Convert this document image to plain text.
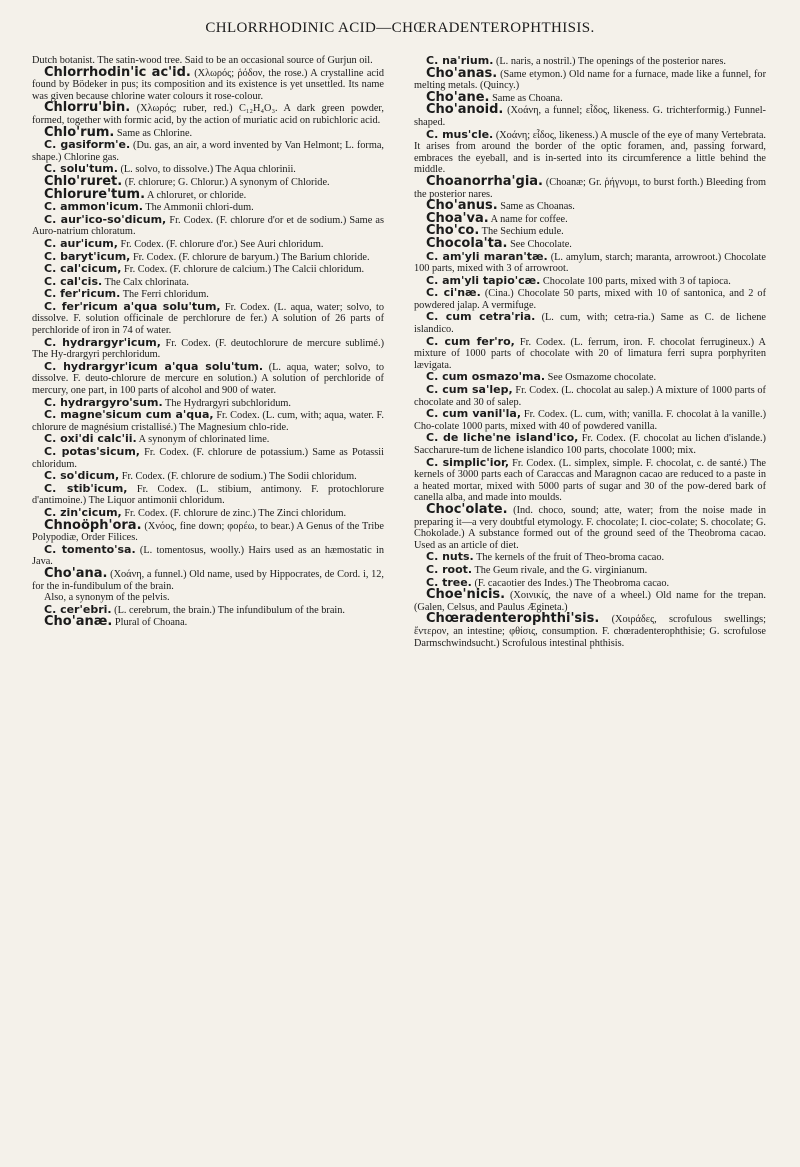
CHLORRHODINIC ACID—CHŒRADENTEROPHTHISIS.

Dutch botanist. The satin-wood tree. Said to be an occasional source of Gurjun oil.

Chlorrhodin'ic ac'id. (Χλωρός; ῥόδον, the rose.) A crystalline acid found by Bödeker in pus; its composition and its existence is yet unsettled. Its name was given because chlorine water colours it rose-colour.

Chlorru'bin. (Χλωρός; ruber, red.) C₁₂H₄O₃. A dark green powder, formed, together with formic acid, by the action of muriatic acid on rubichloric acid.

Chlo'rum. Same as Chlorine.

C. gasiform'e. (Du. gas, an air, a word invented by Van Helmont; L. forma, shape.) Chlorine gas.

C. solu'tum. (L. solvo, to dissolve.) The Aqua chlorinii.

Chlo'ruret. (F. chlorure; G. Chlorur.) A synonym of Chloride.

Chlorure'tum. A chloruret, or chloride.

C. ammon'icum. The Ammonii chlori-dum.

C. aur'ico-so'dicum, Fr. Codex. (F. chlorure d'or et de sodium.) Same as Auro-natrium chloratum.

C. aur'icum, Fr. Codex. (F. chlorure d'or.) See Auri chloridum.

C. baryt'icum, Fr. Codex. (F. chlorure de baryum.) The Barium chloride.

C. cal'cicum, Fr. Codex. (F. chlorure de calcium.) The Calcii chloridum.

C. cal'cis. The Calx chlorinata.

C. fer'ricum. The Ferri chloridum.

C. fer'ricum a'qua solu'tum, Fr. Codex. (L. aqua, water; solvo, to dissolve. F. solution officinale de perchlorure de fer.) A solution of 26 parts of perchloride of iron in 74 of water.

C. hydrargyr'icum, Fr. Codex. (F. deutochlorure de mercure sublimé.) The Hy-drargyri perchloridum.

C. hydrargyr'icum a'qua solu'tum. (L. aqua, water; solvo, to dissolve. F. deuto-chlorure de mercure en solution.) A solution of perchloride of mercury, one part, in 100 parts of alcohol and 900 of water.

C. hydrargyro'sum. The Hydrargyri subchloridum.

C. magne'sicum cum a'qua, Fr. Codex. (L. cum, with; aqua, water. F. chlorure de magnésium cristallisé.) The Magnesium chlo-ride.

C. oxi'di calc'ii. A synonym of chlorinated lime.

C. potas'sicum, Fr. Codex. (F. chlorure de potassium.) Same as Potassii chloridum.

C. so'dicum, Fr. Codex. (F. chlorure de sodium.) The Sodii chloridum.

C. stib'icum, Fr. Codex. (L. stibium, antimony. F. protochlorure d'antimoine.) The Liquor antimonii chloridum.

C. zin'cicum, Fr. Codex. (F. chlorure de zinc.) The Zinci chloridum.

Chnoöph'ora. (Χνόος, fine down; φορέω, to bear.) A Genus of the Tribe Polypodiæ, Order Filices.

C. tomento'sa. (L. tomentosus, woolly.) Hairs used as an hæmostatic in Java.

Cho'ana. (Χοάνη, a funnel.) Old name, used by Hippocrates, de Cord. i, 12, for the in-fundibulum of the brain.

Also, a synonym of the pelvis.

C. cer'ebri. (L. cerebrum, the brain.) The infundibulum of the brain.

Cho'anæ. Plural of Choana.

C. na'rium. (L. naris, a nostril.) The openings of the posterior nares.

Cho'anas. (Same etymon.) Old name for a furnace, made like a funnel, for melting metals. (Quincy.)

Cho'ane. Same as Choana.

Cho'anoid. (Χοάνη, a funnel; εἶδος, likeness. G. trichterformig.) Funnel-shaped.

C. mus'cle. (Χοάνη; εἶδος, likeness.) A muscle of the eye of many Vertebrata. It arises from around the border of the optic foramen, and, passing forward, embraces the eyeball, and is in-serted into its circumference a little behind the middle.

Choanorrha'gia. (Choanæ; Gr. ῥήγνυμι, to burst forth.) Bleeding from the posterior nares.

Cho'anus. Same as Choanas.

Choa'va. A name for coffee.

Cho'co. The Sechium edule.

Chocola'ta. See Chocolate.

C. am'yli maran'tæ. (L. amylum, starch; maranta, arrowroot.) Chocolate 100 parts, mixed with 3 of arrowroot.

C. am'yli tapio'cæ. Chocolate 100 parts, mixed with 3 of tapioca.

C. ci'næ. (Cina.) Chocolate 50 parts, mixed with 10 of santonica, and 2 of powdered jalap. A vermifuge.

C. cum cetra'ria. (L. cum, with; cetra-ria.) Same as C. de lichene islandico.

C. cum fer'ro, Fr. Codex. (L. ferrum, iron. F. chocolat ferrugineux.) A mixture of 1000 parts of chocolate with 20 of limatura ferri supra porphyriten lævigata.

C. cum osmazo'ma. See Osmazome chocolate.

C. cum sa'lep, Fr. Codex. (L. chocolat au salep.) A mixture of 1000 parts of chocolate and 30 of salep.

C. cum vanil'la, Fr. Codex. (L. cum, with; vanilla. F. chocolat à la vanille.) Cho-colate 1000 parts, mixed with 40 of powdered vanilla.

C. de liche'ne island'ico, Fr. Codex. (F. chocolat au lichen d'islande.) Saccharure-tum de lichene islandico 100 parts, chocolate 1000; mix.

C. simplic'ior, Fr. Codex. (L. simplex, simple. F. chocolat, c. de santé.) The kernels of 3000 parts each of Caraccas and Maragnon cacao are reduced to a paste in a heated mortar, mixed with 5000 parts of sugar and 30 of the pow-dered bark of canella alba, and made into moulds.

Choc'olate. (Ind. choco, sound; atte, water; from the noise made in preparing it—a very doubtful etymology. F. chocolate; I. cioc-colate; S. chocolate; G. Chokolade.) A substance formed out of the ground seed of the Theobroma cacao. Used as an article of diet.

C. nuts. The kernels of the fruit of Theo-broma cacao.

C. root. The Geum rivale, and the G. virginianum.

C. tree. (F. cacaotier des Indes.) The Theobroma cacao.

Choe'nicis. (Χοινικίς, the nave of a wheel.) Old name for the trepan. (Galen, Celsus, and Paulus Ægineta.)

Chœradenterophthi'sis. (Χοιράδες, scrofulous swellings; ἔντερον, an intestine; φθίσις, consumption. F. chœradenterophthisie; G. scrofulose Darmschwindsucht.) Scrofulous intestinal phthisis.
